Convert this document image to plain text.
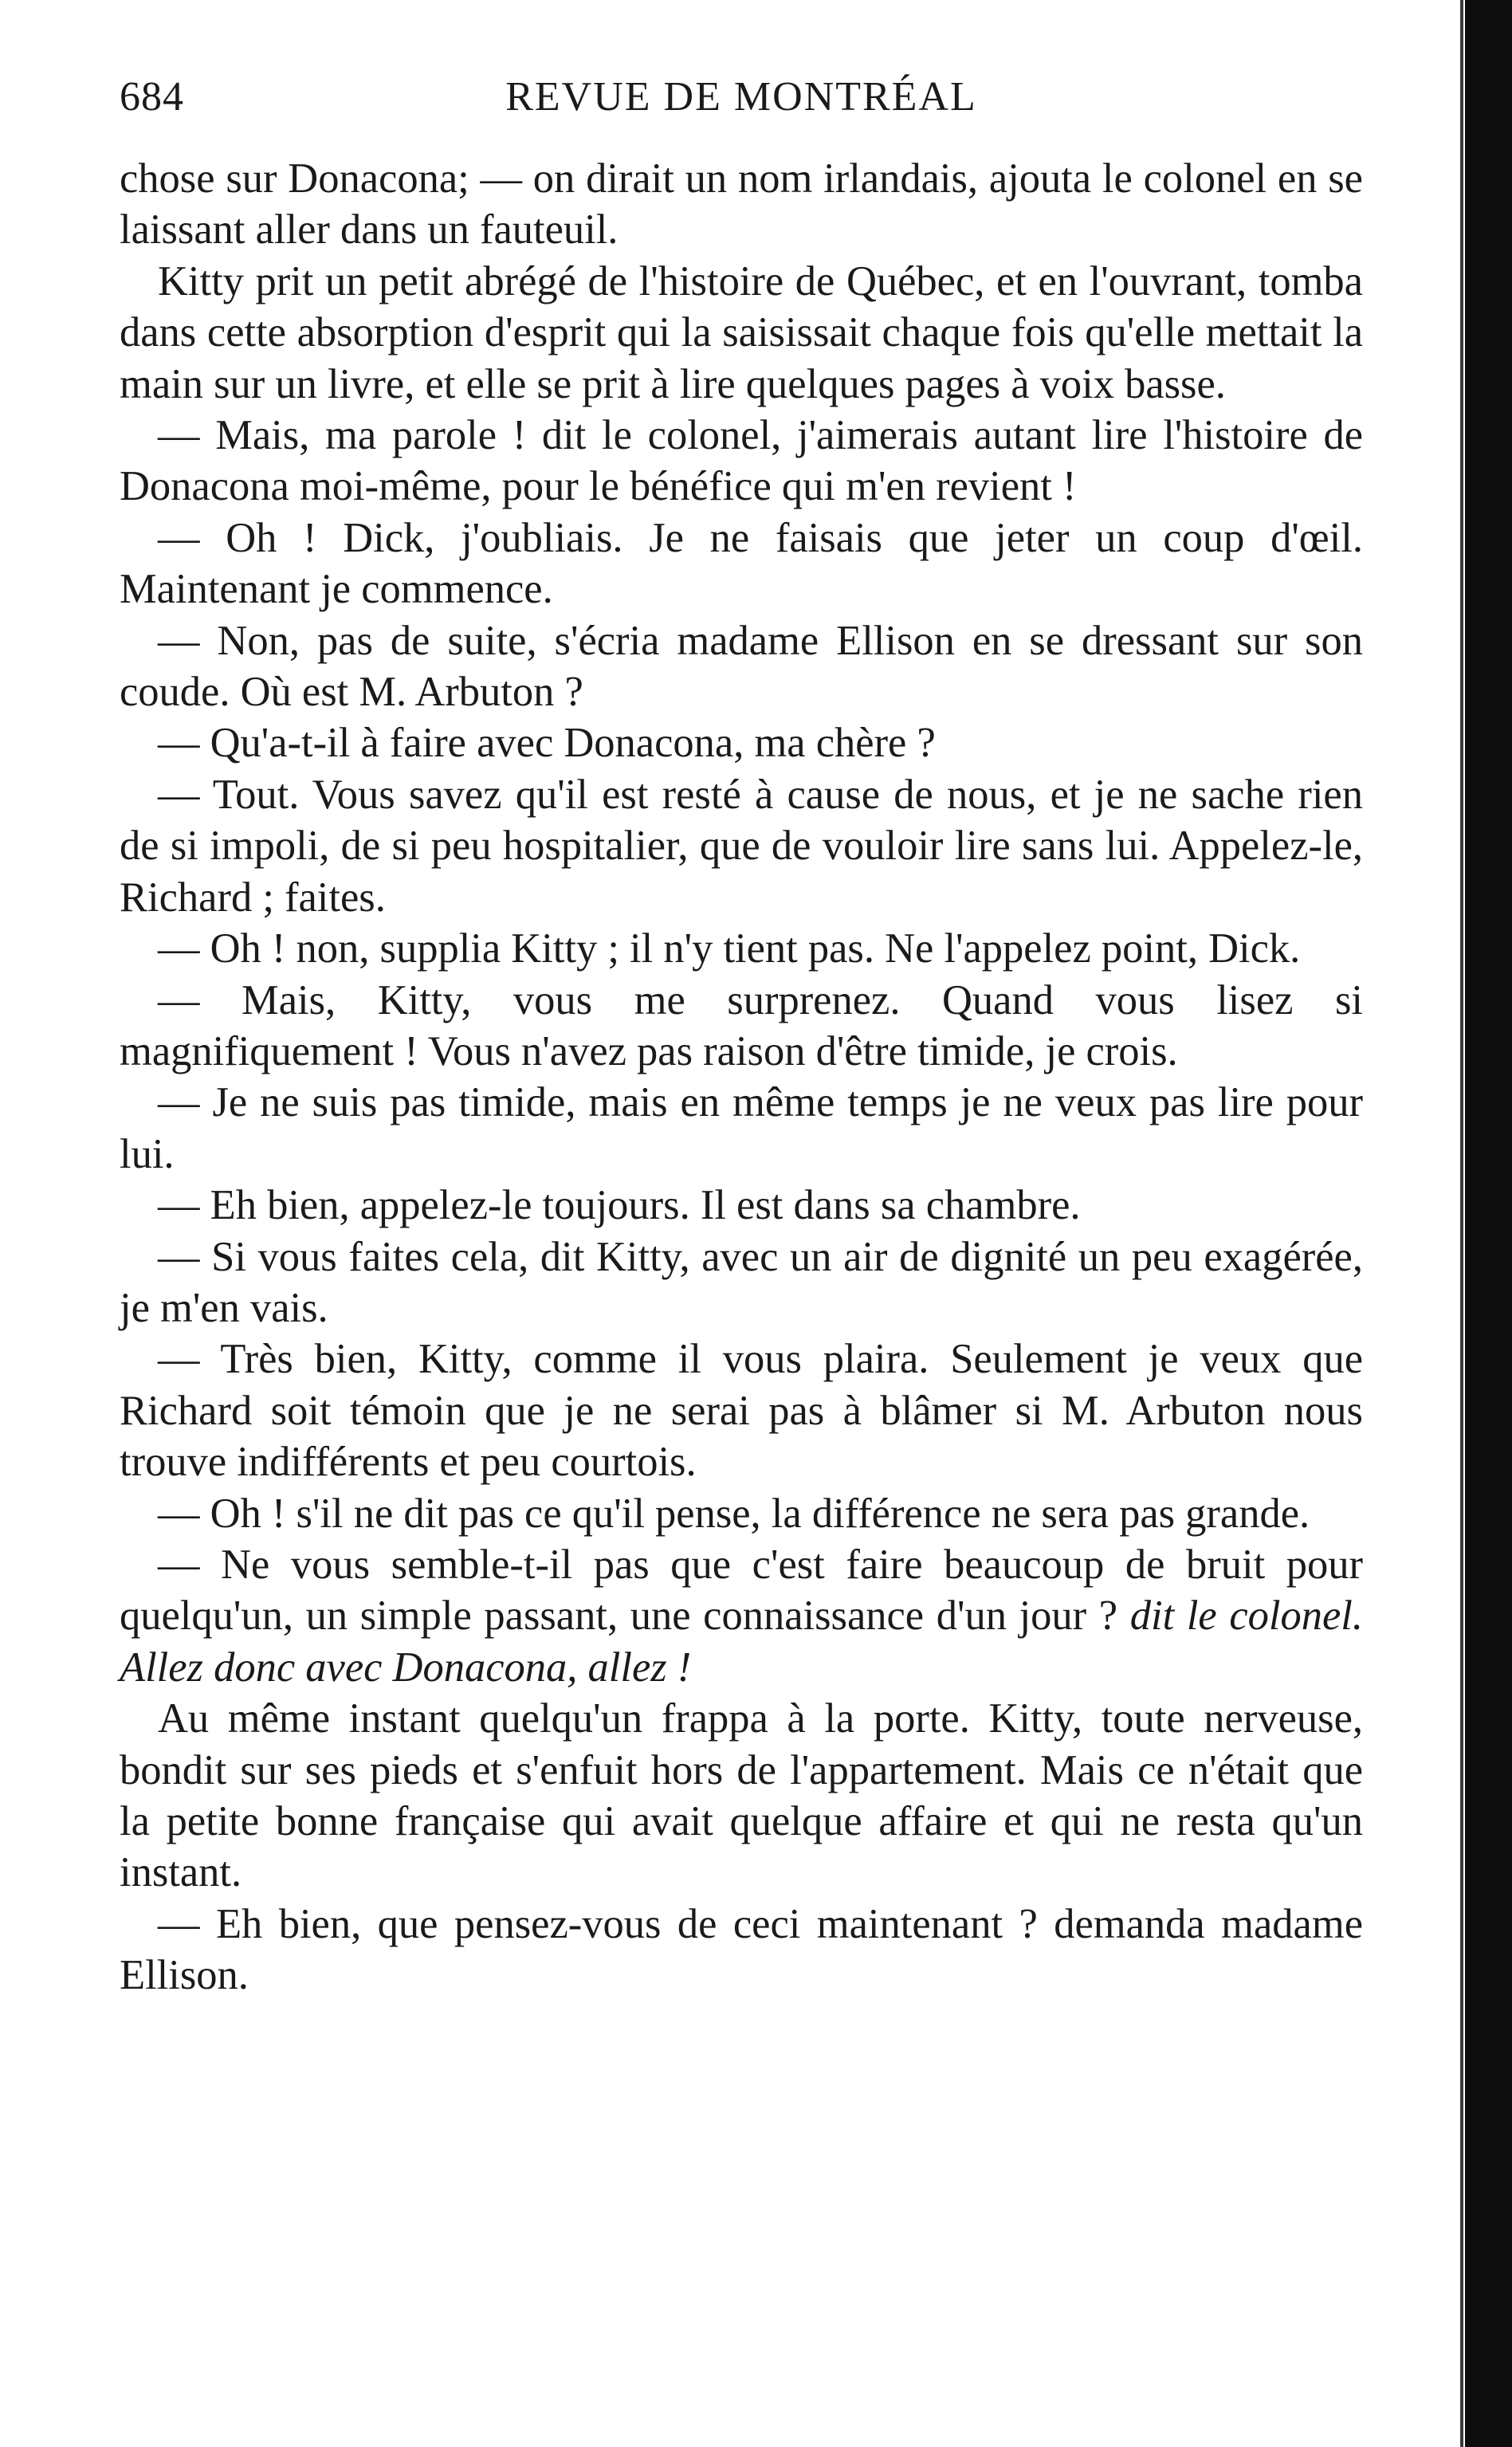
684	REVUE DE MONTRÉAL

chose sur Donacona; — on dirait un nom irlandais, ajouta le colonel en se laissant aller dans un fauteuil.

Kitty prit un petit abrégé de l'histoire de Québec, et en l'ouvrant, tomba dans cette absorption d'esprit qui la saisissait chaque fois qu'elle mettait la main sur un livre, et elle se prit à lire quelques pages à voix basse.

— Mais, ma parole ! dit le colonel, j'aimerais autant lire l'histoire de Donacona moi-même, pour le bénéfice qui m'en revient !

— Oh ! Dick, j'oubliais. Je ne faisais que jeter un coup d'œil. Maintenant je commence.

— Non, pas de suite, s'écria madame Ellison en se dressant sur son coude. Où est M. Arbuton ?

— Qu'a-t-il à faire avec Donacona, ma chère ?

— Tout. Vous savez qu'il est resté à cause de nous, et je ne sache rien de si impoli, de si peu hospitalier, que de vouloir lire sans lui. Appelez-le, Richard ; faites.

— Oh ! non, supplia Kitty ; il n'y tient pas. Ne l'appelez point, Dick.

— Mais, Kitty, vous me surprenez. Quand vous lisez si magnifiquement ! Vous n'avez pas raison d'être timide, je crois.

— Je ne suis pas timide, mais en même temps je ne veux pas lire pour lui.

— Eh bien, appelez-le toujours. Il est dans sa chambre.

— Si vous faites cela, dit Kitty, avec un air de dignité un peu exagérée, je m'en vais.

— Très bien, Kitty, comme il vous plaira. Seulement je veux que Richard soit témoin que je ne serai pas à blâmer si M. Arbuton nous trouve indifférents et peu courtois.

— Oh ! s'il ne dit pas ce qu'il pense, la différence ne sera pas grande.

— Ne vous semble-t-il pas que c'est faire beaucoup de bruit pour quelqu'un, un simple passant, une connaissance d'un jour ? dit le colonel. Allez donc avec Donacona, allez !

Au même instant quelqu'un frappa à la porte. Kitty, toute nerveuse, bondit sur ses pieds et s'enfuit hors de l'appartement. Mais ce n'était que la petite bonne française qui avait quelque affaire et qui ne resta qu'un instant.

— Eh bien, que pensez-vous de ceci maintenant ? demanda madame Ellison.
